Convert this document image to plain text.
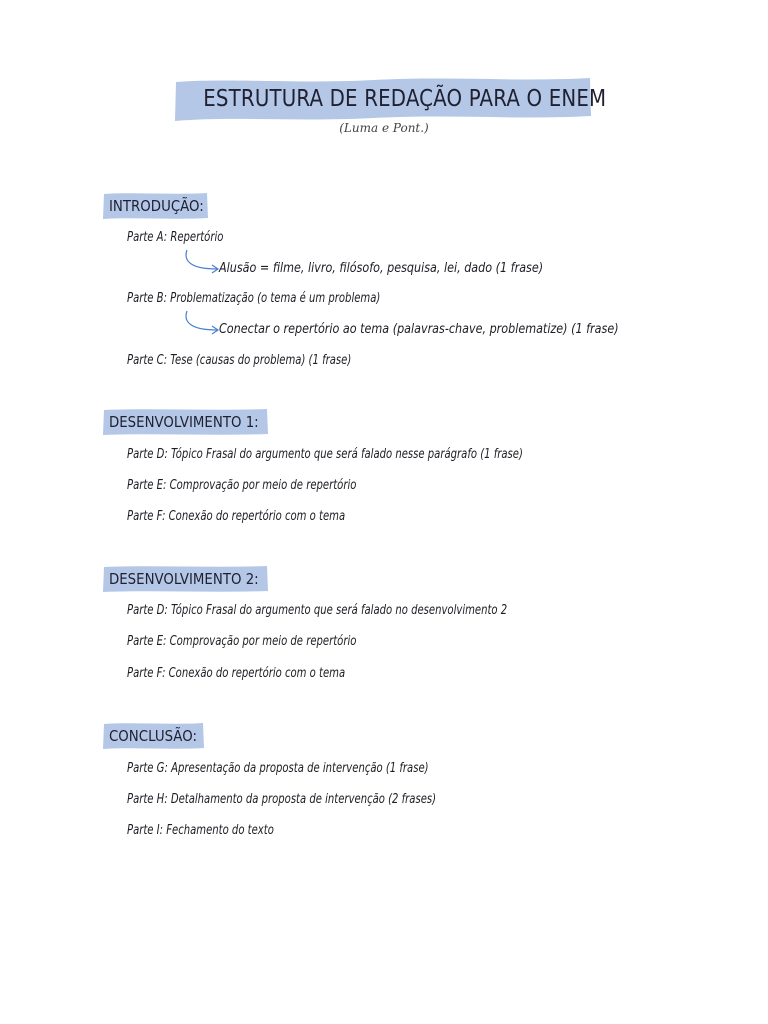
ESTRUTURA DE REDAÇÃO PARA O ENEM
(Luma e Pont.)
INTRODUÇÃO:
Parte A: Repertório
Alusão = filme, livro, filósofo, pesquisa, lei, dado (1 frase)
Parte B: Problematização (o tema é um problema)
Conectar o repertório ao tema (palavras-chave, problematize) (1 frase)
Parte C: Tese (causas do problema) (1 frase)
DESENVOLVIMENTO 1:
Parte D: Tópico Frasal do argumento que será falado nesse parágrafo (1 frase)
Parte E: Comprovação por meio de repertório
Parte F: Conexão do repertório com o tema
DESENVOLVIMENTO 2:
Parte D: Tópico Frasal do argumento que será falado no desenvolvimento 2
Parte E: Comprovação por meio de repertório
Parte F: Conexão do repertório com o tema
CONCLUSÃO:
Parte G: Apresentação da proposta de intervenção (1 frase)
Parte H: Detalhamento da proposta de intervenção (2 frases)
Parte I: Fechamento do texto
